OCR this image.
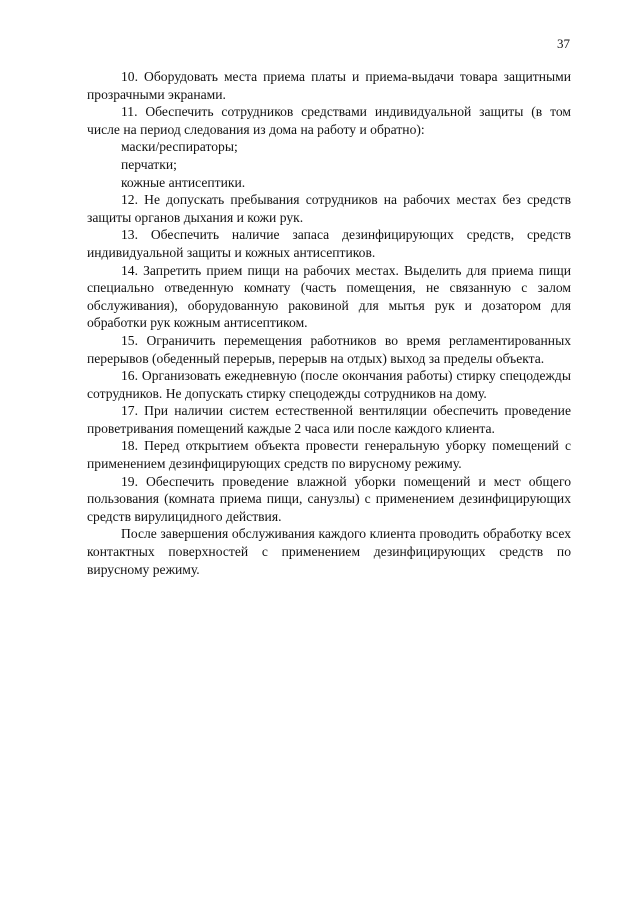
37

10. Оборудовать места приема платы и приема-выдачи товара защитными прозрачными экранами.

11. Обеспечить сотрудников средствами индивидуальной защиты (в том числе на период следования из дома на работу и обратно):

маски/респираторы;

перчатки;

кожные антисептики.

12. Не допускать пребывания сотрудников на рабочих местах без средств защиты органов дыхания и кожи рук.

13. Обеспечить наличие запаса дезинфицирующих средств, средств индивидуальной защиты и кожных антисептиков.

14. Запретить прием пищи на рабочих местах. Выделить для приема пищи специально отведенную комнату (часть помещения, не связанную с залом обслуживания), оборудованную раковиной для мытья рук и дозатором для обработки рук кожным антисептиком.

15. Ограничить перемещения работников во время регламентированных перерывов (обеденный перерыв, перерыв на отдых) выход за пределы объекта.

16. Организовать ежедневную (после окончания работы) стирку спецодежды сотрудников. Не допускать стирку спецодежды сотрудников на дому.

17. При наличии систем естественной вентиляции обеспечить проведение проветривания помещений каждые 2 часа или после каждого клиента.

18. Перед открытием объекта провести генеральную уборку помещений с применением дезинфицирующих средств по вирусному режиму.

19. Обеспечить проведение влажной уборки помещений и мест общего пользования (комната приема пищи, санузлы) с применением дезинфицирующих средств вирулицидного действия.

После завершения обслуживания каждого клиента проводить обработку всех контактных поверхностей с применением дезинфицирующих средств по вирусному режиму.
